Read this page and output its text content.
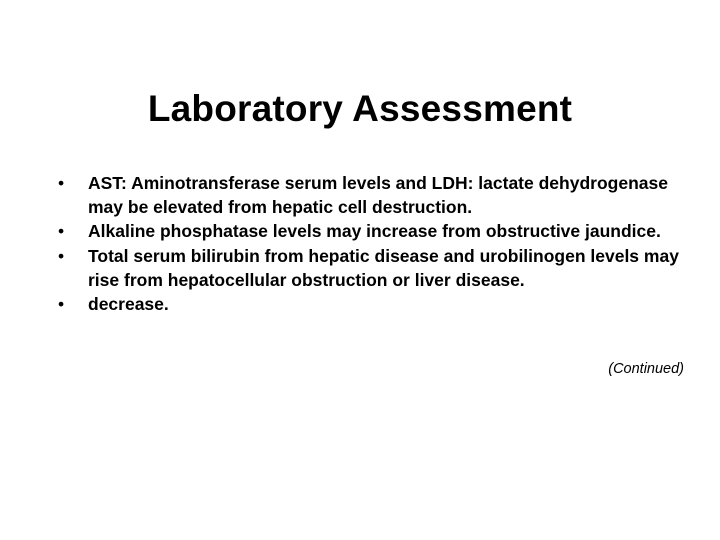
Laboratory Assessment
• AST: Aminotransferase serum levels and LDH: lactate dehydrogenase may be elevated from hepatic cell destruction.
• Alkaline phosphatase levels may increase from obstructive jaundice.
• Total serum bilirubin from hepatic disease and urobilinogen levels may rise from hepatocellular obstruction or liver disease.
• decrease.

(Continued)
